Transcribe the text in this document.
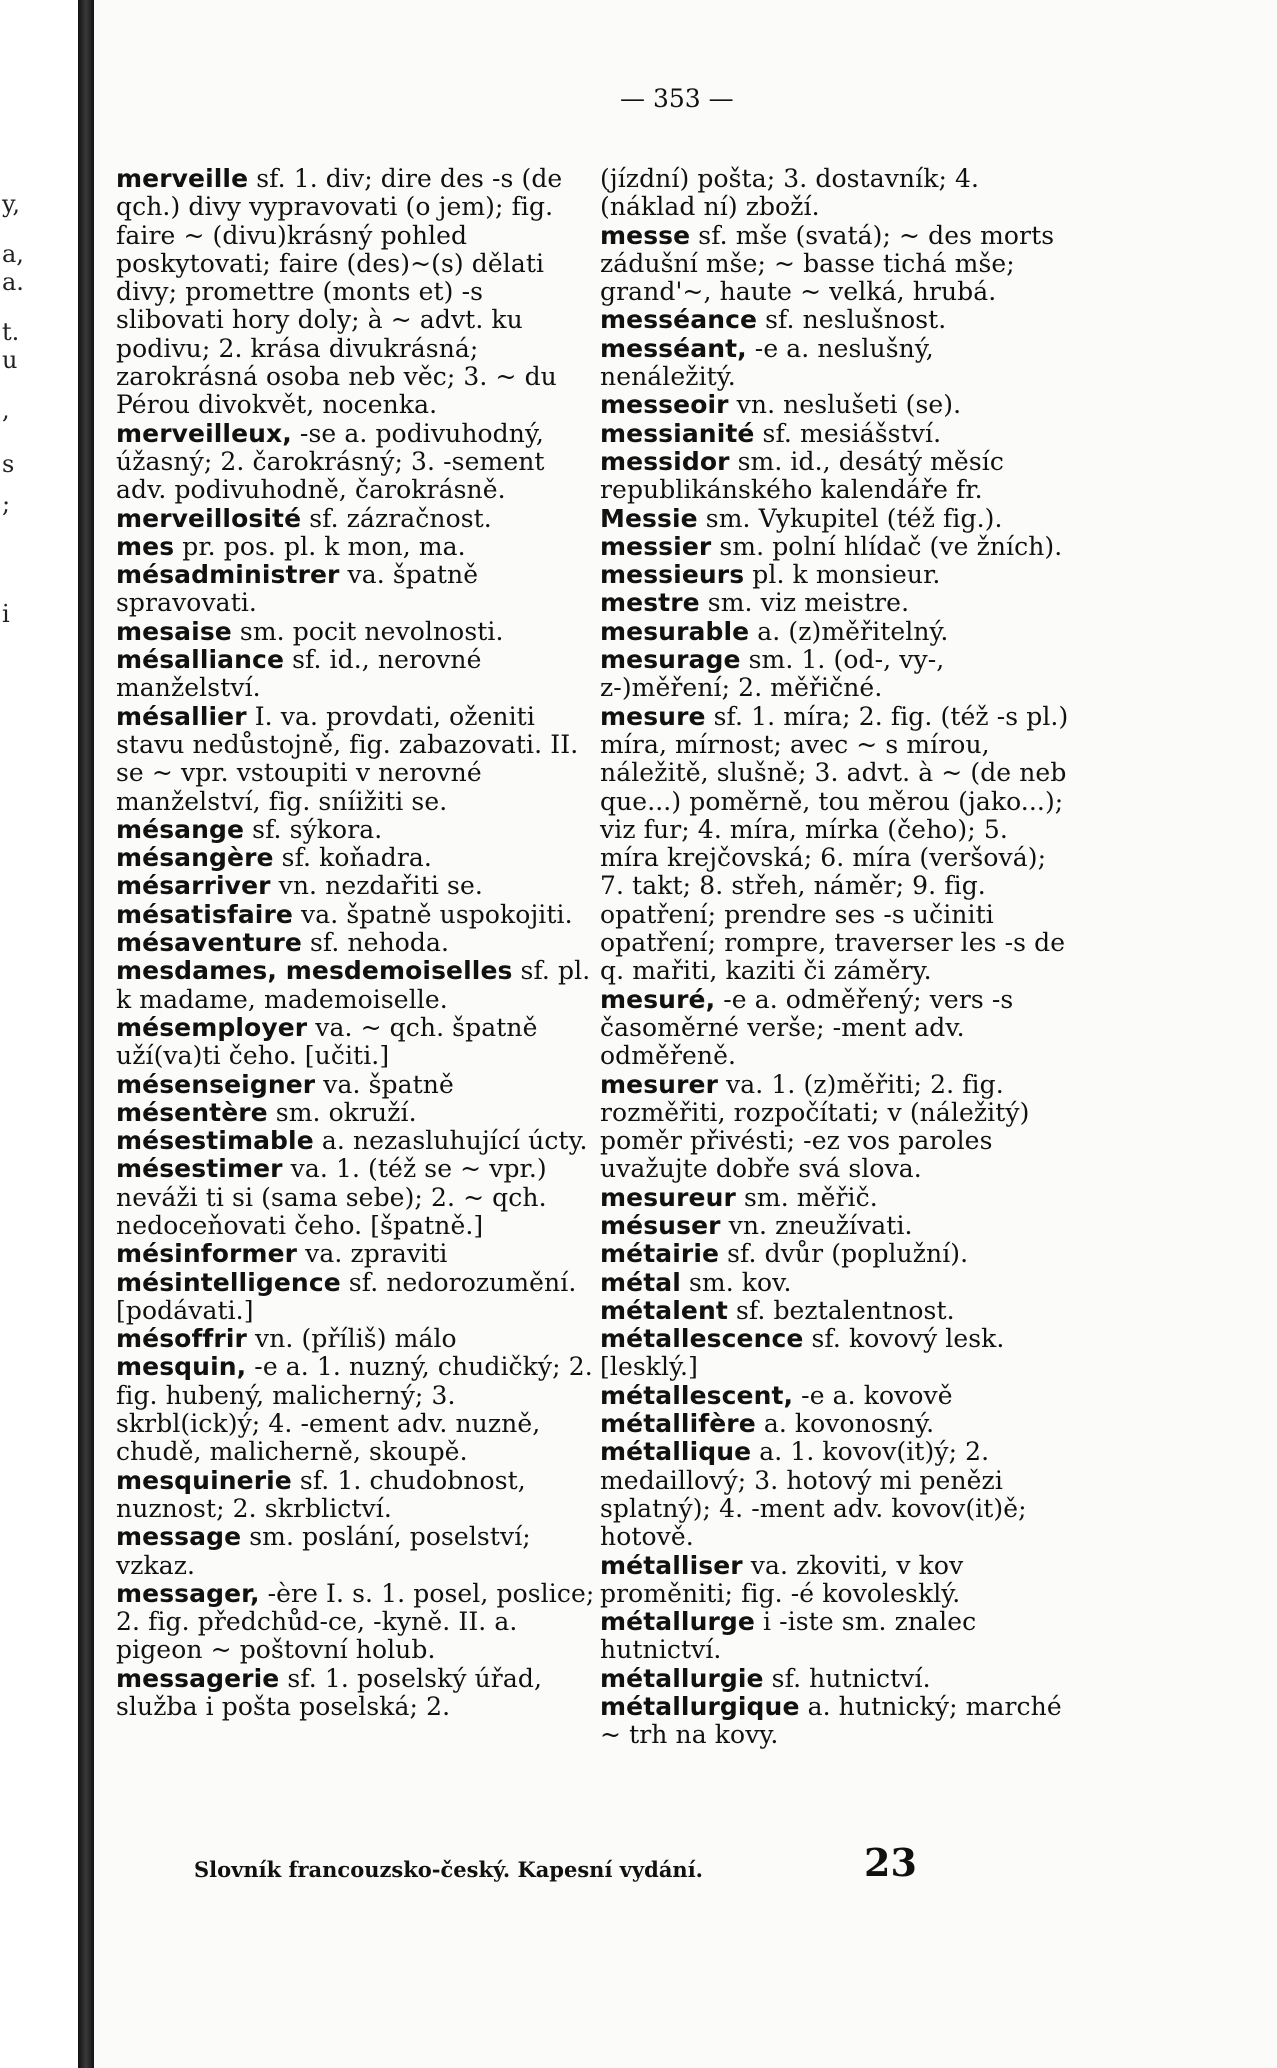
y,
a,
a.
t.
u
,
s
;
i
— 353 —

merveille sf. 1. div; dire des -s (de qch.) divy vypravovati (o jem); fig. faire ~ (divu)krásný pohled poskytovati; faire (des)~(s) dělati divy; promettre (monts et) -s slibovati hory doly; à ~ advt. ku podivu; 2. krása divukrásná; zarokrásná osoba neb věc; 3. ~ du Pérou divokvět, nocenka.

merveilleux, -se a. podivuhodný, úžasný; 2. čarokrásný; 3. -sement adv. podivuhodně, čarokrásně.

merveillosité sf. zázračnost.

mes pr. pos. pl. k mon, ma.

mésadministrer va. špatně spravovati.

mesaise sm. pocit nevolnosti.

mésalliance sf. id., nerovné manželství.

mésallier I. va. provdati, oženiti stavu nedůstojně, fig. zabazovati. II. se ~ vpr. vstoupiti v nerovné manželství, fig. sníižiti se.

mésange sf. sýkora.

mésangère sf. koňadra.

mésarriver vn. nezdařiti se.

mésatisfaire va. špatně uspokojiti.

mésaventure sf. nehoda.

mesdames, mesdemoiselles sf. pl. k madame, mademoiselle.

mésemployer va. ~ qch. špatně uží(va)ti čeho. [učiti.]

mésenseigner va. špatně

mésentère sm. okruží.

mésestimable a. nezasluhující úcty.

mésestimer va. 1. (též se ~ vpr.) neváži ti si (sama sebe); 2. ~ qch. nedoceňovati čeho. [špatně.]

mésinformer va. zpraviti

mésintelligence sf. nedorozumění. [podávati.]

mésoffrir vn. (příliš) málo

mesquin, -e a. 1. nuzný, chudičký; 2. fig. hubený, malicherný; 3. skrbl(ick)ý; 4. -ement adv. nuzně, chudě, malicherně, skoupě.

mesquinerie sf. 1. chudobnost, nuznost; 2. skrblictví.

message sm. poslání, poselství; vzkaz.

messager, -ère I. s. 1. posel, poslice; 2. fig. předchůd-ce, -kyně. II. a. pigeon ~ poštovní holub.

messagerie sf. 1. poselský úřad, služba i pošta poselská; 2.

(jízdní) pošta; 3. dostavník; 4. (náklad ní) zboží.

messe sf. mše (svatá); ~ des morts zádušní mše; ~ basse tichá mše; grand'~, haute ~ velká, hrubá.

messéance sf. neslušnost.

messéant, -e a. neslušný, nenáležitý.

messeoir vn. neslušeti (se).

messianité sf. mesiášství.

messidor sm. id., desátý měsíc republikánského kalendáře fr.

Messie sm. Vykupitel (též fig.).

messier sm. polní hlídač (ve žních).

messieurs pl. k monsieur.

mestre sm. viz meistre.

mesurable a. (z)měřitelný.

mesurage sm. 1. (od-, vy-, z-)měření; 2. měřičné.

mesure sf. 1. míra; 2. fig. (též -s pl.) míra, mírnost; avec ~ s mírou, náležitě, slušně; 3. advt. à ~ (de neb que...) poměrně, tou měrou (jako...); viz fur; 4. míra, mírka (čeho); 5. míra krejčovská; 6. míra (veršová); 7. takt; 8. střeh, náměr; 9. fig. opatření; prendre ses -s učiniti opatření; rompre, traverser les -s de q. mařiti, kaziti či záměry.

mesuré, -e a. odměřený; vers -s časoměrné verše; -ment adv. odměřeně.

mesurer va. 1. (z)měřiti; 2. fig. rozměřiti, rozpočítati; v (náležitý) poměr přivésti; -ez vos paroles uvažujte dobře svá slova.

mesureur sm. měřič.

mésuser vn. zneužívati.

métairie sf. dvůr (poplužní).

métal sm. kov.

métalent sf. beztalentnost.

métallescence sf. kovový lesk. [lesklý.]

métallescent, -e a. kovově

métallifère a. kovonosný.

métallique a. 1. kovov(it)ý; 2. medaillový; 3. hotový mi penězi splatný); 4. -ment adv. kovov(it)ě; hotově.

métalliser va. zkoviti, v kov proměniti; fig. -é kovolesklý.

métallurge i -iste sm. znalec hutnictví.

métallurgie sf. hutnictví.

métallurgique a. hutnický; marché ~ trh na kovy.

Slovník francouzsko-český. Kapesní vydání.	23
